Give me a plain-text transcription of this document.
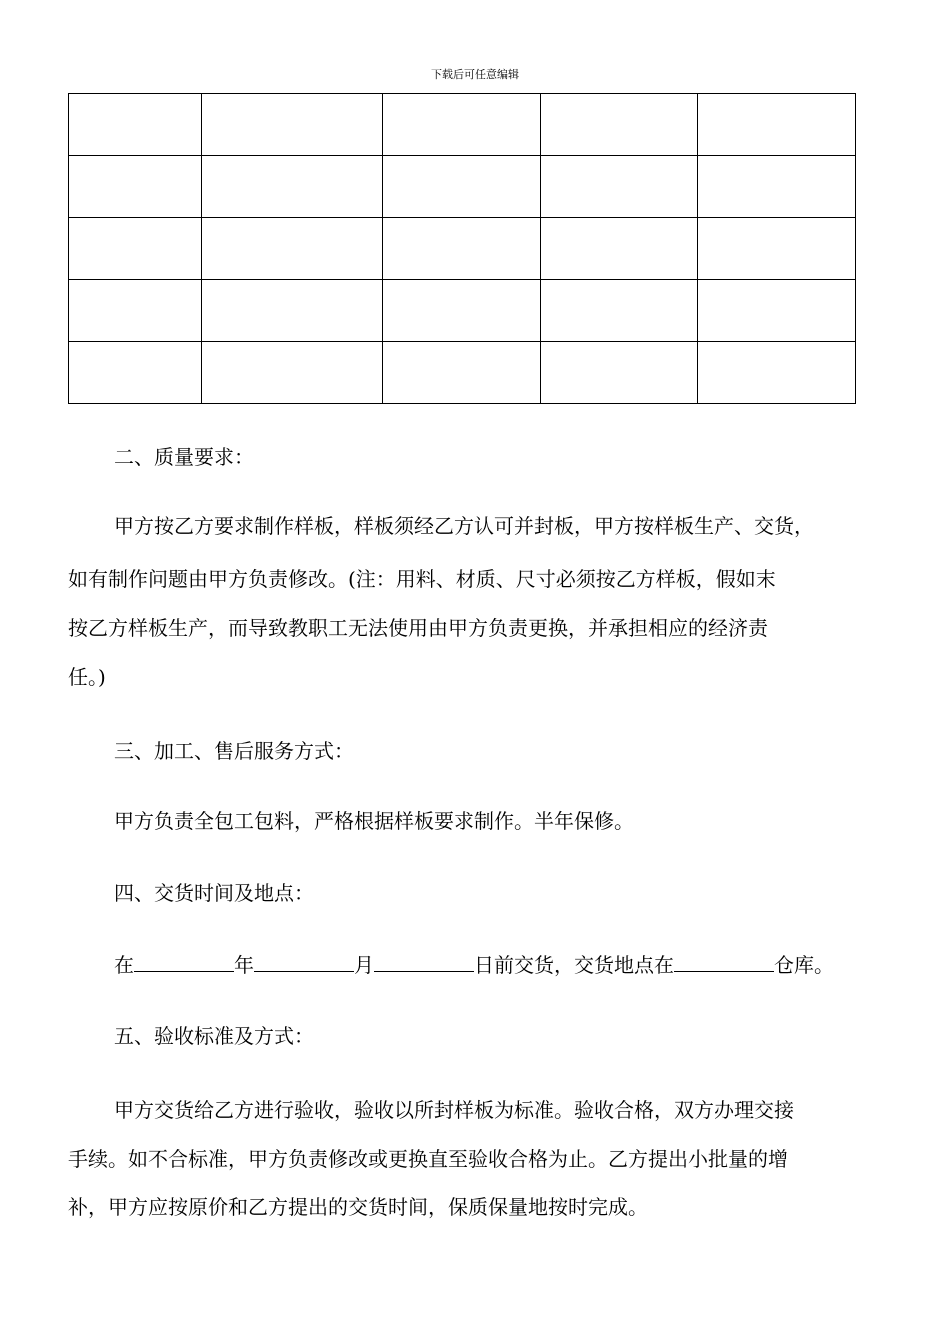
下载后可任意编辑

二、质量要求：

甲方按乙方要求制作样板，样板须经乙方认可并封板，甲方按样板生产、交货，

如有制作问题由甲方负责修改。(注：用料、材质、尺寸必须按乙方样板，假如末

按乙方样板生产，而导致教职工无法使用由甲方负责更换，并承担相应的经济责

任。)

三、加工、售后服务方式：

甲方负责全包工包料，严格根据样板要求制作。半年保修。

四、交货时间及地点：

在	年	月	日前交货，交货地点在	仓库。

五、验收标准及方式：

甲方交货给乙方进行验收，验收以所封样板为标准。验收合格，双方办理交接

手续。如不合标准，甲方负责修改或更换直至验收合格为止。乙方提出小批量的增

补，甲方应按原价和乙方提出的交货时间，保质保量地按时完成。
